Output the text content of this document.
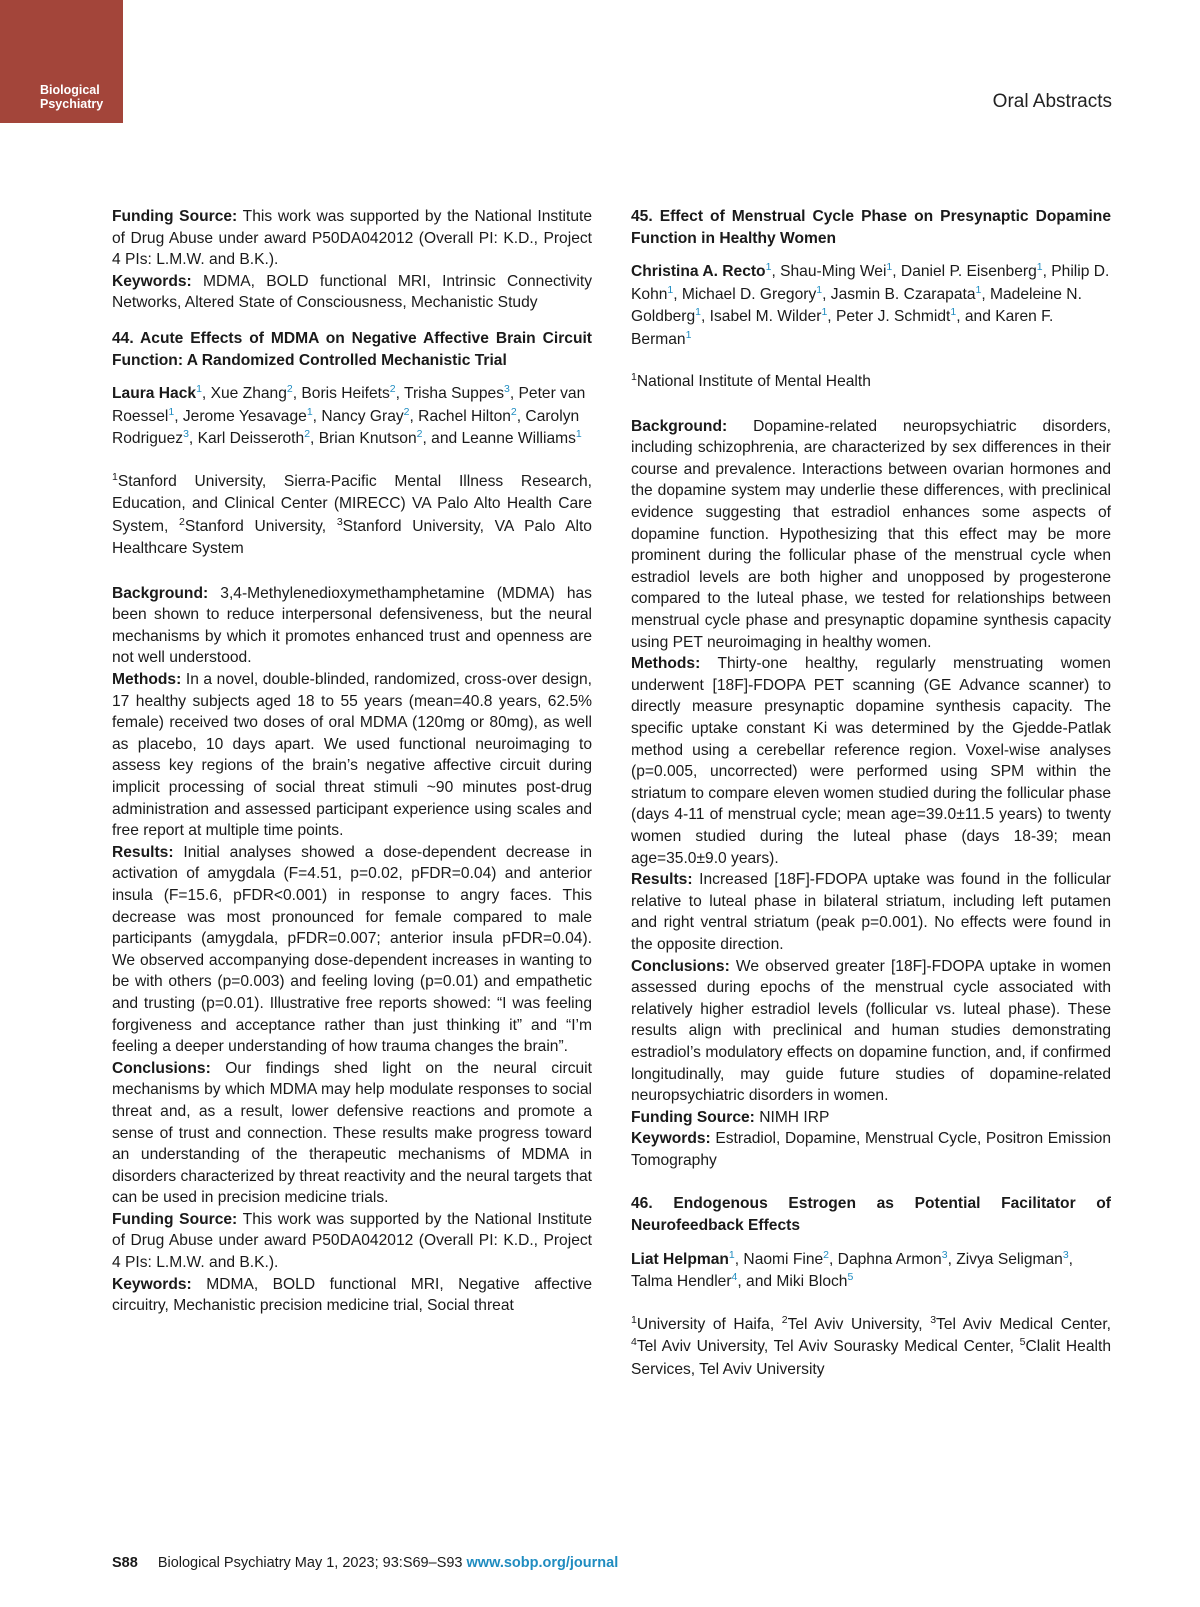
Biological
Psychiatry	Oral Abstracts

Funding Source: This work was supported by the National Institute of Drug Abuse under award P50DA042012 (Overall PI: K.D., Project 4 PIs: L.M.W. and B.K.).

Keywords: MDMA, BOLD functional MRI, Intrinsic Connectivity Networks, Altered State of Consciousness, Mechanistic Study

44. Acute Effects of MDMA on Negative Affective Brain Circuit Function: A Randomized Controlled Mechanistic Trial
Laura Hack$^1$, Xue Zhang$^2$, Boris Heifets$^2$, Trisha Suppes$^3$, Peter van Roessel$^1$, Jerome Yesavage$^1$, Nancy Gray$^2$, Rachel Hilton$^2$, Carolyn Rodriguez$^3$, Karl Deisseroth$^2$, Brian Knutson$^2$, and Leanne Williams$^1$
$^1$Stanford University, Sierra-Pacific Mental Illness Research, Education, and Clinical Center (MIRECC) VA Palo Alto Health Care System, $^2$Stanford University, $^3$Stanford University, VA Palo Alto Healthcare System

Background: 3,4-Methylenedioxymethamphetamine (MDMA) has been shown to reduce interpersonal defensiveness, but the neural mechanisms by which it promotes enhanced trust and openness are not well understood.

Methods: In a novel, double-blinded, randomized, cross-over design, 17 healthy subjects aged 18 to 55 years (mean=40.8 years, 62.5% female) received two doses of oral MDMA (120mg or 80mg), as well as placebo, 10 days apart. We used functional neuroimaging to assess key regions of the brain’s negative affective circuit during implicit processing of social threat stimuli ~90 minutes post-drug administration and assessed participant experience using scales and free report at multiple time points.

Results: Initial analyses showed a dose-dependent decrease in activation of amygdala (F=4.51, p=0.02, pFDR=0.04) and anterior insula (F=15.6, pFDR<0.001) in response to angry faces. This decrease was most pronounced for female compared to male participants (amygdala, pFDR=0.007; anterior insula pFDR=0.04). We observed accompanying dose-dependent increases in wanting to be with others (p=0.003) and feeling loving (p=0.01) and empathetic and trusting (p=0.01). Illustrative free reports showed: “I was feeling forgiveness and acceptance rather than just thinking it” and “I’m feeling a deeper understanding of how trauma changes the brain”.

Conclusions: Our findings shed light on the neural circuit mechanisms by which MDMA may help modulate responses to social threat and, as a result, lower defensive reactions and promote a sense of trust and connection. These results make progress toward an understanding of the therapeutic mechanisms of MDMA in disorders characterized by threat reactivity and the neural targets that can be used in precision medicine trials.

Funding Source: This work was supported by the National Institute of Drug Abuse under award P50DA042012 (Overall PI: K.D., Project 4 PIs: L.M.W. and B.K.).

Keywords: MDMA, BOLD functional MRI, Negative affective circuitry, Mechanistic precision medicine trial, Social threat

45. Effect of Menstrual Cycle Phase on Presynaptic Dopamine Function in Healthy Women
Christina A. Recto$^1$, Shau-Ming Wei$^1$, Daniel P. Eisenberg$^1$, Philip D. Kohn$^1$, Michael D. Gregory$^1$, Jasmin B. Czarapata$^1$, Madeleine N. Goldberg$^1$, Isabel M. Wilder$^1$, Peter J. Schmidt$^1$, and Karen F. Berman$^1$
$^1$National Institute of Mental Health

Background: Dopamine-related neuropsychiatric disorders, including schizophrenia, are characterized by sex differences in their course and prevalence. Interactions between ovarian hormones and the dopamine system may underlie these differences, with preclinical evidence suggesting that estradiol enhances some aspects of dopamine function. Hypothesizing that this effect may be more prominent during the follicular phase of the menstrual cycle when estradiol levels are both higher and unopposed by progesterone compared to the luteal phase, we tested for relationships between menstrual cycle phase and presynaptic dopamine synthesis capacity using PET neuroimaging in healthy women.

Methods: Thirty-one healthy, regularly menstruating women underwent [18F]-FDOPA PET scanning (GE Advance scanner) to directly measure presynaptic dopamine synthesis capacity. The specific uptake constant Ki was determined by the Gjedde-Patlak method using a cerebellar reference region. Voxel-wise analyses (p=0.005, uncorrected) were performed using SPM within the striatum to compare eleven women studied during the follicular phase (days 4-11 of menstrual cycle; mean age=39.0±11.5 years) to twenty women studied during the luteal phase (days 18-39; mean age=35.0±9.0 years).

Results: Increased [18F]-FDOPA uptake was found in the follicular relative to luteal phase in bilateral striatum, including left putamen and right ventral striatum (peak p=0.001). No effects were found in the opposite direction.

Conclusions: We observed greater [18F]-FDOPA uptake in women assessed during epochs of the menstrual cycle associated with relatively higher estradiol levels (follicular vs. luteal phase). These results align with preclinical and human studies demonstrating estradiol’s modulatory effects on dopamine function, and, if confirmed longitudinally, may guide future studies of dopamine-related neuropsychiatric disorders in women.

Funding Source: NIMH IRP

Keywords: Estradiol, Dopamine, Menstrual Cycle, Positron Emission Tomography

46. Endogenous Estrogen as Potential Facilitator of Neurofeedback Effects
Liat Helpman$^1$, Naomi Fine$^2$, Daphna Armon$^3$, Zivya Seligman$^3$, Talma Hendler$^4$, and Miki Bloch$^5$
$^1$University of Haifa, $^2$Tel Aviv University, $^3$Tel Aviv Medical Center, $^4$Tel Aviv University, Tel Aviv Sourasky Medical Center, $^5$Clalit Health Services, Tel Aviv University
S88 Biological Psychiatry May 1, 2023; 93:S69–S93 www.sobp.org/journal
